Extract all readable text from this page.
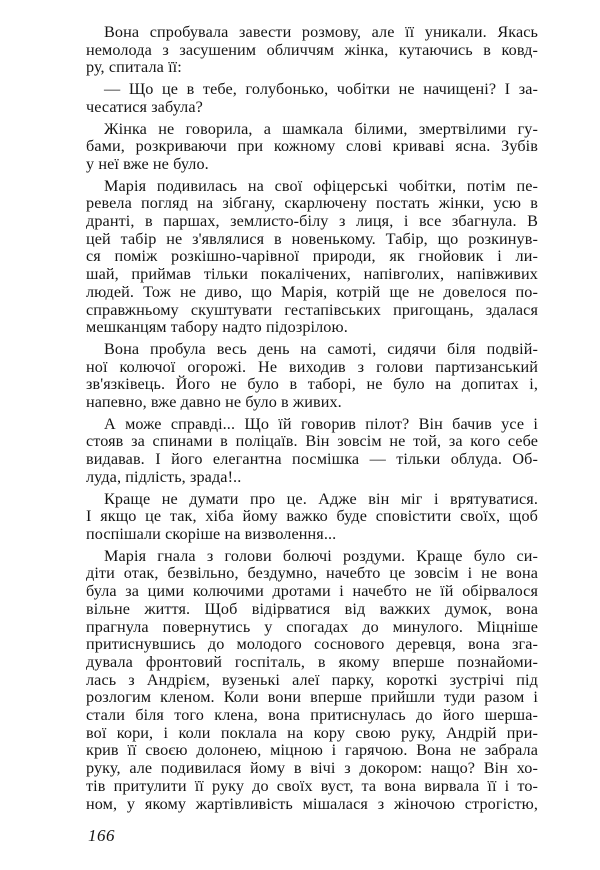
Вона спробувала завести розмову, але її уникали. Якась
немолода з засушеним обличчям жінка, кутаючись в ковд-
ру, спитала її:
— Що це в тебе, голубонько, чобітки не начищені? І за-
чесатися забула?
Жінка не говорила, а шамкала білими, змертвілими гу-
бами, розкриваючи при кожному слові криваві ясна. Зубів
у неї вже не було.
Марія подивилась на свої офіцерські чобітки, потім пе-
ревела погляд на зібгану, скарлючену постать жінки, усю в
дранті, в паршах, землисто-білу з лиця, і все збагнула. В
цей табір не з'являлися в новенькому. Табір, що розкинув-
ся поміж розкішно-чарівної природи, як гнойовик і ли-
шай, приймав тільки покалічених, напівголих, напівживих
людей. Тож не диво, що Марія, котрій ще не довелося по-
справжньому скуштувати гестапівських пригощань, здалася
мешканцям табору надто підозрілою.
Вона пробула весь день на самоті, сидячи біля подвій-
ної колючої огорожі. Не виходив з голови партизанський
зв'язківець. Його не було в таборі, не було на допитах і,
напевно, вже давно не було в живих.
А може справді... Що їй говорив пілот? Він бачив усе і
стояв за спинами в поліцаїв. Він зовсім не той, за кого себе
видавав. І його елегантна посмішка — тільки облуда. Об-
луда, підлість, зрада!..
Краще не думати про це. Адже він міг і врятуватися.
І якщо це так, хіба йому важко буде сповістити своїх, щоб
поспішали скоріше на визволення...
Марія гнала з голови болючі роздуми. Краще було си-
діти отак, безвільно, бездумно, начебто це зовсім і не вона
була за цими колючими дротами і начебто не їй обірвалося
вільне життя. Щоб відірватися від важких думок, вона
прагнула повернутись у спогадах до минулого. Міцніше
притиснувшись до молодого соснового деревця, вона зга-
дувала фронтовий госпіталь, в якому вперше познайоми-
лась з Андрієм, вузенькі алеї парку, короткі зустрічі під
розлогим кленом. Коли вони вперше прийшли туди разом і
стали біля того клена, вона притиснулась до його шерша-
вої кори, і коли поклала на кору свою руку, Андрій при-
крив її своєю долонею, міцною і гарячою. Вона не забрала
руку, але подивилася йому в вічі з докором: нащо? Він хо-
тів притулити її руку до своїх вуст, та вона вирвала її і то-
ном, у якому жартівливість мішалася з жіночою строгістю,
166
